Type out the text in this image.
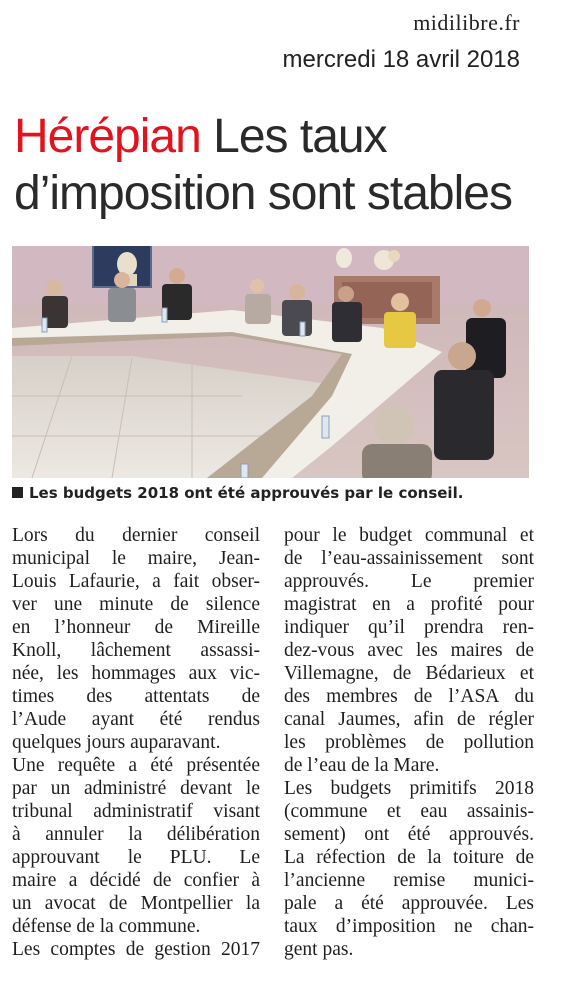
midilibre.fr
mercredi 18 avril 2018
Hérépian Les taux
d’imposition sont stables
Les budgets 2018 ont été approuvés par le conseil.
Lors du dernier conseil
municipal le maire, Jean-
Louis Lafaurie, a fait obser-
ver une minute de silence
en l’honneur de Mireille
Knoll, lâchement assassi-
née, les hommages aux vic-
times des attentats de
l’Aude ayant été rendus
quelques jours auparavant.
Une requête a été présentée
par un administré devant le
tribunal administratif visant
à annuler la délibération
approuvant le PLU. Le
maire a décidé de confier à
un avocat de Montpellier la
défense de la commune.
Les comptes de gestion 2017
pour le budget communal et
de l’eau-assainissement sont
approuvés. Le premier
magistrat en a profité pour
indiquer qu’il prendra ren-
dez-vous avec les maires de
Villemagne, de Bédarieux et
des membres de l’ASA du
canal Jaumes, afin de régler
les problèmes de pollution
de l’eau de la Mare.
Les budgets primitifs 2018
(commune et eau assainis-
sement) ont été approuvés.
La réfection de la toiture de
l’ancienne remise munici-
pale a été approuvée. Les
taux d’imposition ne chan-
gent pas.
